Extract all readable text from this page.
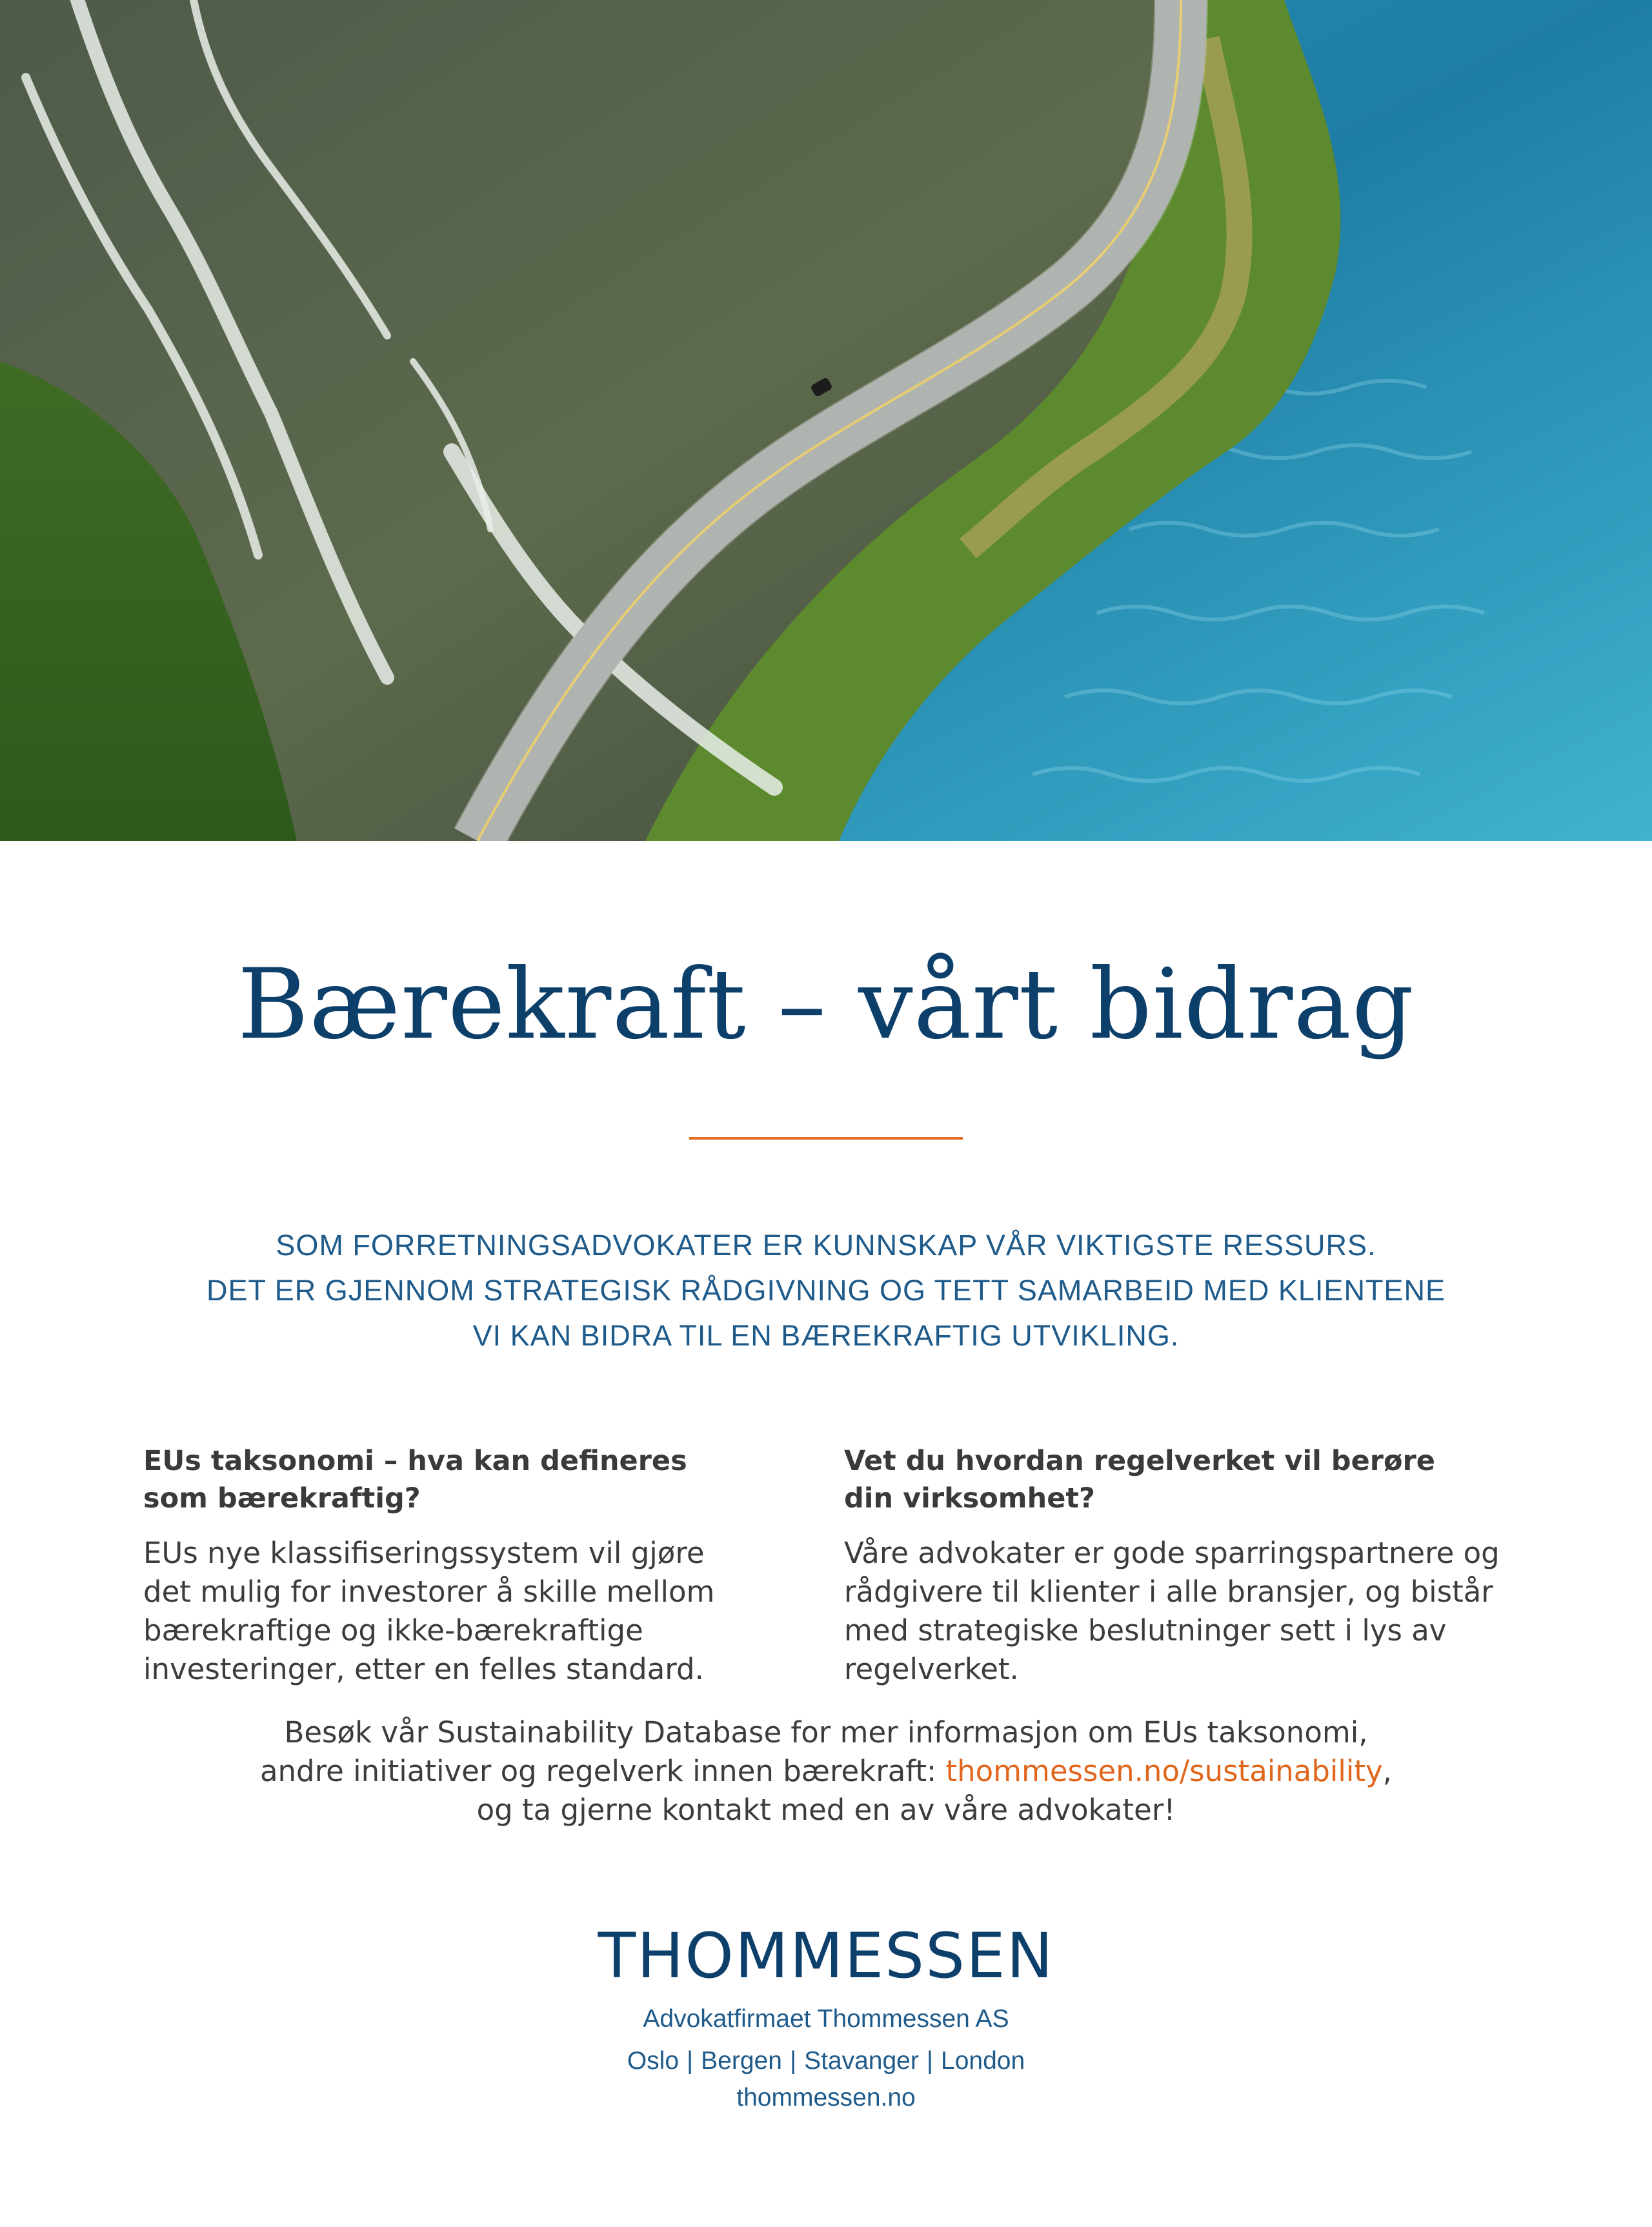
Bærekraft – vårt bidrag
SOM FORRETNINGSADVOKATER ER KUNNSKAP VÅR VIKTIGSTE RESSURS.
DET ER GJENNOM STRATEGISK RÅDGIVNING OG TETT SAMARBEID MED KLIENTENE
VI KAN BIDRA TIL EN BÆREKRAFTIG UTVIKLING.
EUs taksonomi – hva kan defineres
som bærekraftig?

EUs nye klassifiseringssystem vil gjøre
det mulig for investorer å skille mellom
bærekraftige og ikke-bærekraftige
investeringer, etter en felles standard.

Vet du hvordan regelverket vil berøre
din virksomhet?

Våre advokater er gode sparringspartnere og
rådgivere til klienter i alle bransjer, og bistår
med strategiske beslutninger sett i lys av
regelverket.

Besøk vår Sustainability Database for mer informasjon om EUs taksonomi,
andre initiativer og regelverk innen bærekraft: thommessen.no/sustainability,
og ta gjerne kontakt med en av våre advokater!
THOMMESSEN
Advokatfirmaet Thommessen AS
Oslo | Bergen | Stavanger | London
thommessen.no
